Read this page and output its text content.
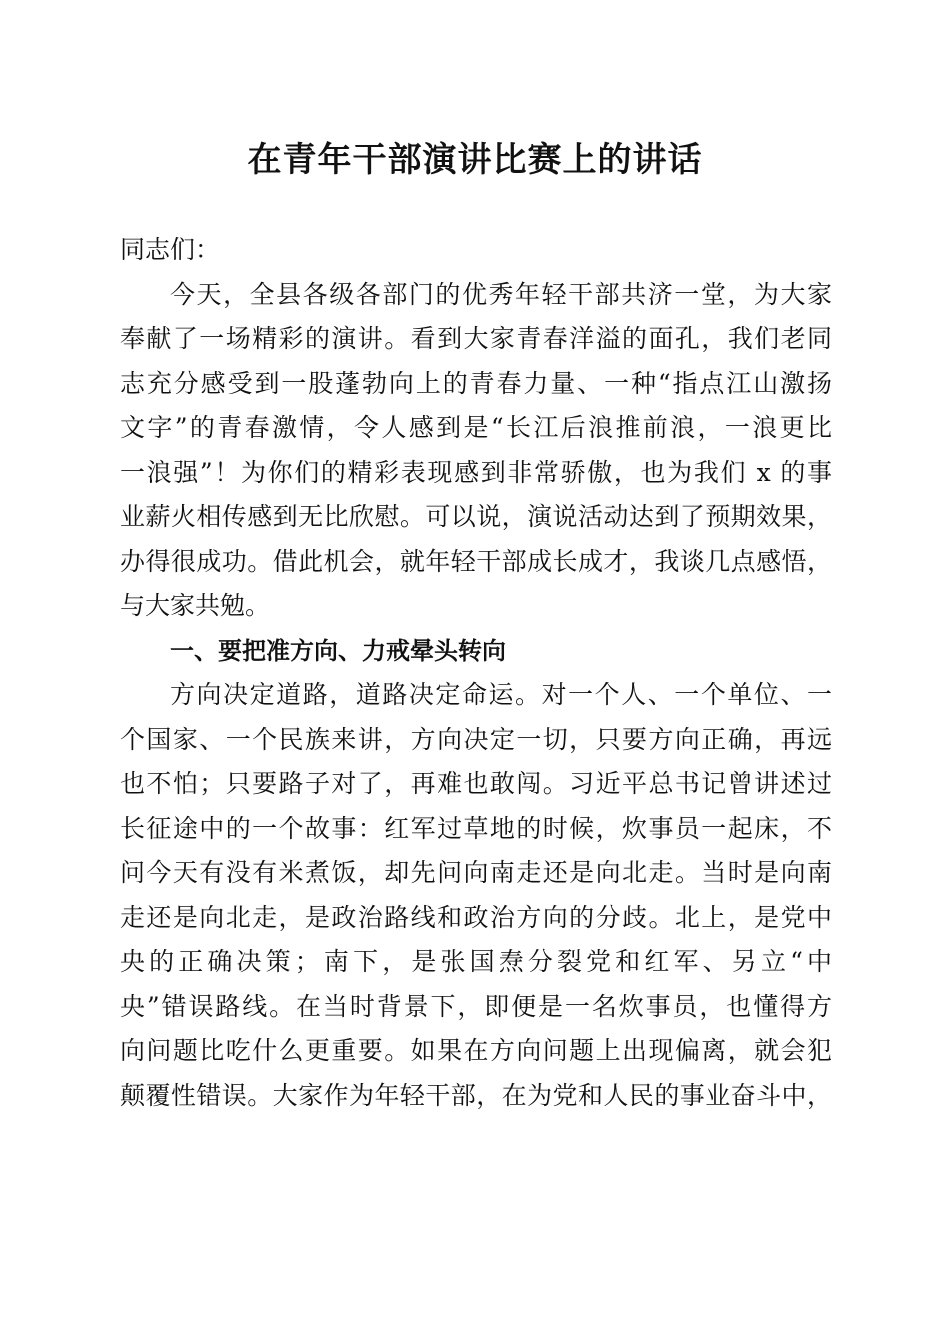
在青年干部演讲比赛上的讲话
同志们：
今天，全县各级各部门的优秀年轻干部共济一堂，为大家
奉献了一场精彩的演讲。看到大家青春洋溢的面孔，我们老同
志充分感受到一股蓬勃向上的青春力量、一种“指点江山激扬
文字”的青春激情，令人感到是“长江后浪推前浪，一浪更比
一浪强”！为你们的精彩表现感到非常骄傲，也为我们 x 的事
业薪火相传感到无比欣慰。可以说，演说活动达到了预期效果，
办得很成功。借此机会，就年轻干部成长成才，我谈几点感悟，
与大家共勉。
一、要把准方向、力戒晕头转向
方向决定道路，道路决定命运。对一个人、一个单位、一
个国家、一个民族来讲，方向决定一切，只要方向正确，再远
也不怕；只要路子对了，再难也敢闯。习近平总书记曾讲述过
长征途中的一个故事：红军过草地的时候，炊事员一起床，不
问今天有没有米煮饭，却先问向南走还是向北走。当时是向南
走还是向北走，是政治路线和政治方向的分歧。北上，是党中
央的正确决策；南下，是张国焘分裂党和红军、另立“中
央”错误路线。在当时背景下，即便是一名炊事员，也懂得方
向问题比吃什么更重要。如果在方向问题上出现偏离，就会犯
颠覆性错误。大家作为年轻干部，在为党和人民的事业奋斗中，
